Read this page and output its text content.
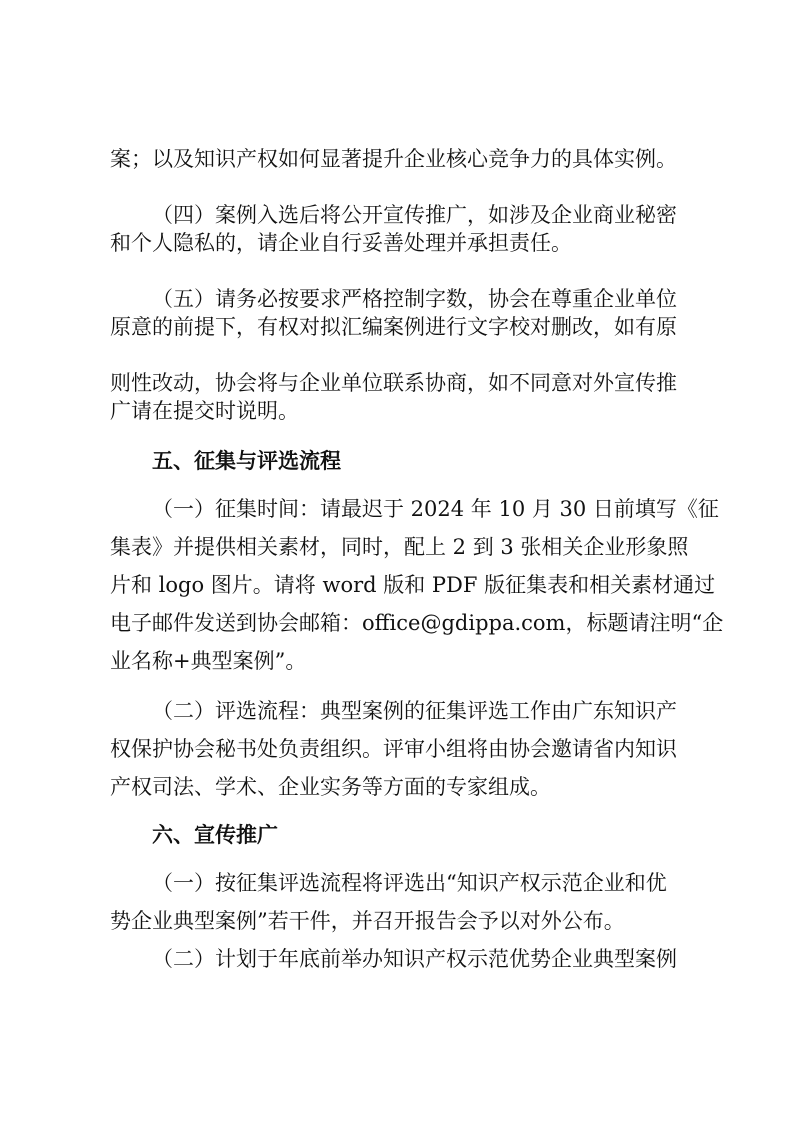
案；以及知识产权如何显著提升企业核心竞争力的具体实例。
（四）案例入选后将公开宣传推广，如涉及企业商业秘密
和个人隐私的，请企业自行妥善处理并承担责任。
（五）请务必按要求严格控制字数，协会在尊重企业单位
原意的前提下，有权对拟汇编案例进行文字校对删改，如有原
则性改动，协会将与企业单位联系协商，如不同意对外宣传推
广请在提交时说明。
五、征集与评选流程
（一）征集时间：请最迟于 2024 年 10 月 30 日前填写《征
集表》并提供相关素材，同时，配上 2 到 3 张相关企业形象照
片和 logo 图片。请将 word 版和 PDF 版征集表和相关素材通过
电子邮件发送到协会邮箱：office@gdippa.com，标题请注明“企
业名称+典型案例”。
（二）评选流程：典型案例的征集评选工作由广东知识产
权保护协会秘书处负责组织。评审小组将由协会邀请省内知识
产权司法、学术、企业实务等方面的专家组成。
六、宣传推广
（一）按征集评选流程将评选出“知识产权示范企业和优
势企业典型案例”若干件，并召开报告会予以对外公布。
（二）计划于年底前举办知识产权示范优势企业典型案例
